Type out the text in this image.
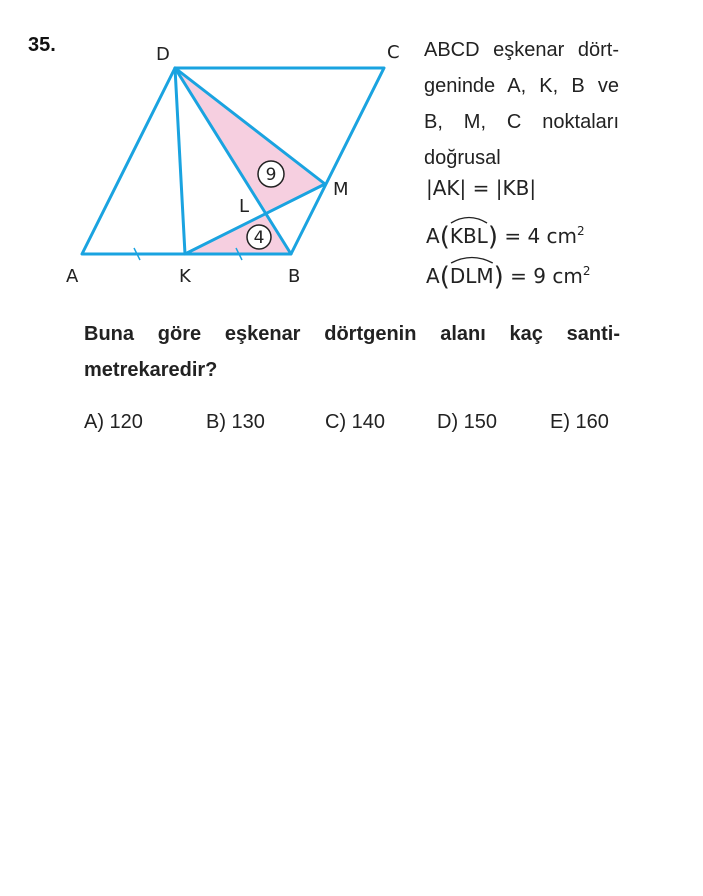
35.
9
4
D	C
M
L
A	K	B
ABCD eşkenar dört-
geninde A, K, B ve
B, M, C noktaları
doğrusal
|AK| = |KB|
A(
KBL) = 4 $cm^2$
A(
DLM) = 9 $cm^2$
Buna göre eşkenar dörtgenin alanı kaç santi-
metrekaredir?
A) 120	B) 130	C) 140	D) 150	E) 160
